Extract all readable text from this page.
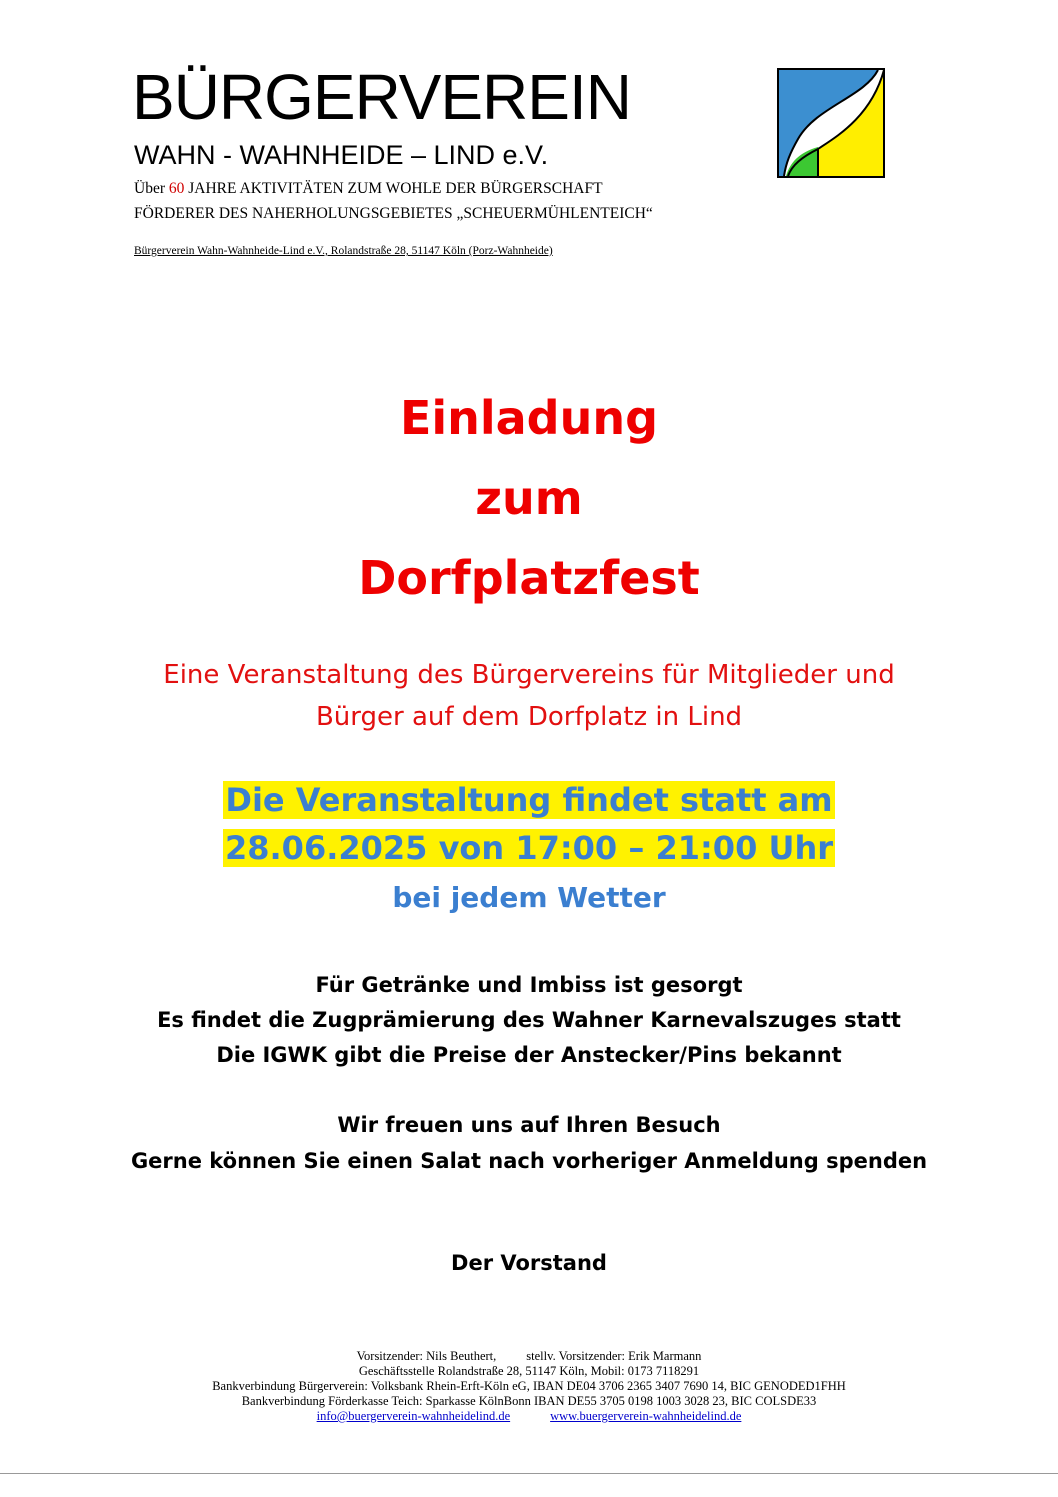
BÜRGERVEREIN
WAHN - WAHNHEIDE – LIND e.V.
Über 60 JAHRE AKTIVITÄTEN ZUM WOHLE DER BÜRGERSCHAFT
FÖRDERER DES NAHERHOLUNGSGEBIETES „SCHEUERMÜHLENTEICH“
Bürgerverein Wahn-Wahnheide-Lind e.V., Rolandstraße 28, 51147 Köln (Porz-Wahnheide)
Einladung
zum
Dorfplatzfest
Eine Veranstaltung des Bürgervereins für Mitglieder und
Bürger auf dem Dorfplatz in Lind
Die Veranstaltung findet statt am
28.06.2025 von 17:00 – 21:00 Uhr
bei jedem Wetter
Für Getränke und Imbiss ist gesorgt
Es findet die Zugprämierung des Wahner Karnevalszuges statt
Die IGWK gibt die Preise der Anstecker/Pins bekannt
Wir freuen uns auf Ihren Besuch
Gerne können Sie einen Salat nach vorheriger Anmeldung spenden
Der Vorstand
Vorsitzender: Nils Beuthert, stellv. Vorsitzender: Erik Marmann
Geschäftsstelle Rolandstraße 28, 51147 Köln, Mobil: 0173 7118291
Bankverbindung Bürgerverein: Volksbank Rhein-Erft-Köln eG, IBAN DE04 3706 2365 3407 7690 14, BIC GENODED1FHH
Bankverbindung Förderkasse Teich: Sparkasse KölnBonn IBAN DE55 3705 0198 1003 3028 23, BIC COLSDE33
info@buergerverein-wahnheidelind.de	www.buergerverein-wahnheidelind.de
